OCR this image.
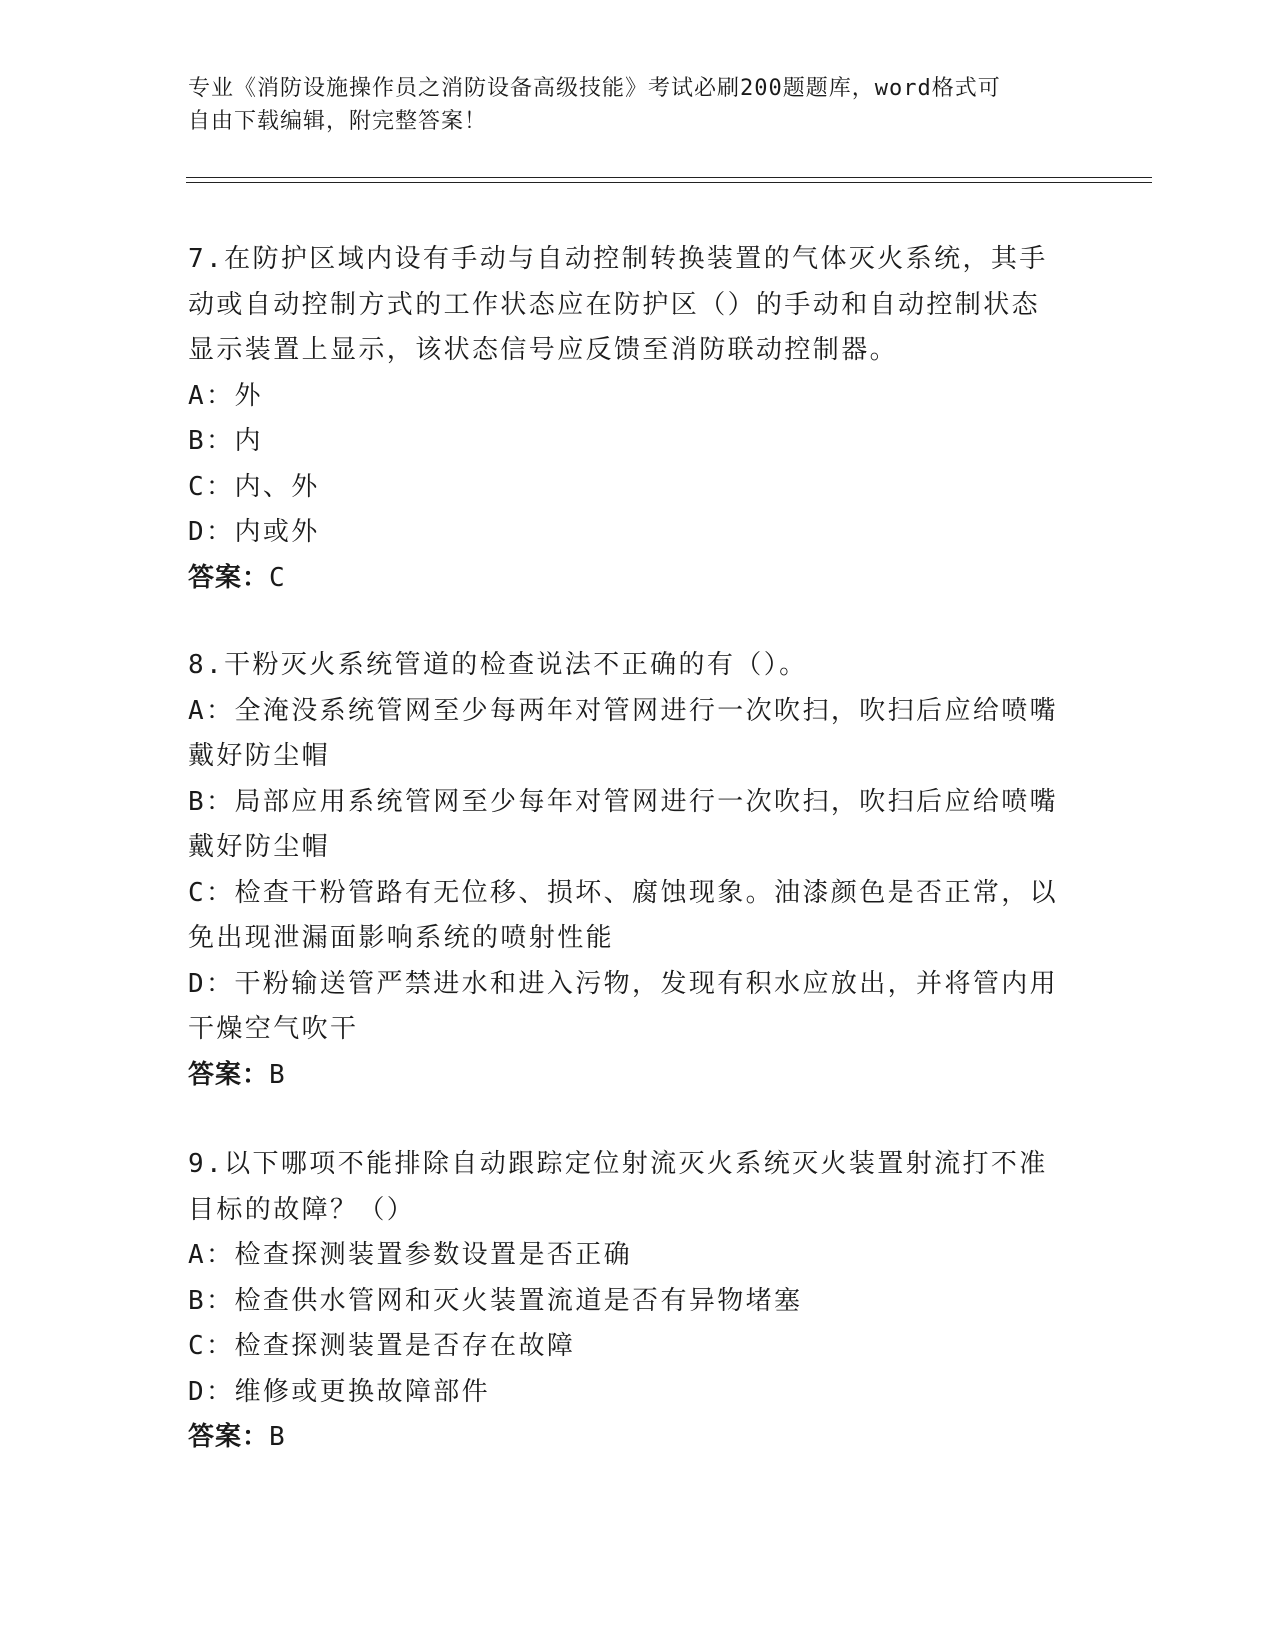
专业《消防设施操作员之消防设备高级技能》考试必刷200题题库，word格式可
自由下载编辑，附完整答案！
7.在防护区域内设有手动与自动控制转换装置的气体灭火系统，其手
动或自动控制方式的工作状态应在防护区（）的手动和自动控制状态
显示装置上显示，该状态信号应反馈至消防联动控制器。
A：外
B：内
C：内、外
D：内或外
答案：C
8.干粉灭火系统管道的检查说法不正确的有（）。
A：全淹没系统管网至少每两年对管网进行一次吹扫，吹扫后应给喷嘴
戴好防尘帽
B：局部应用系统管网至少每年对管网进行一次吹扫，吹扫后应给喷嘴
戴好防尘帽
C：检查干粉管路有无位移、损坏、腐蚀现象。油漆颜色是否正常，以
免出现泄漏面影响系统的喷射性能
D：干粉输送管严禁进水和进入污物，发现有积水应放出，并将管内用
干燥空气吹干
答案：B
9.以下哪项不能排除自动跟踪定位射流灭火系统灭火装置射流打不准
目标的故障？（）
A：检查探测装置参数设置是否正确
B：检查供水管网和灭火装置流道是否有异物堵塞
C：检查探测装置是否存在故障
D：维修或更换故障部件
答案：B
